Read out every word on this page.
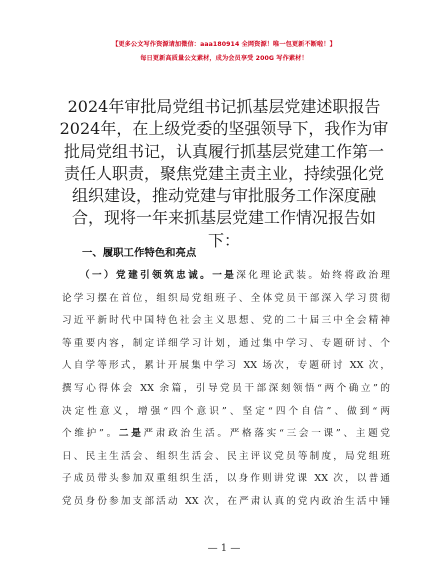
【更多公文写作资源请加微信：aaa180914 全网资源！唯一包更新不断啦！】
每日更新高质量公文素材，成为会员享受 200G 写作素材！
2024年审批局党组书记抓基层党建述职报告
2024年，在上级党委的坚强领导下，我作为审
批局党组书记，认真履行抓基层党建工作第一
责任人职责，聚焦党建主责主业，持续强化党
组织建设，推动党建与审批服务工作深度融
合，现将一年来抓基层党建工作情况报告如
下：
一、履职工作特色和亮点
（一）党建引领筑忠诚。一是深化理论武装。始终将政治理
论学习摆在首位，组织局党组班子、全体党员干部深入学习贯彻
习近平新时代中国特色社会主义思想、党的二十届三中全会精神
等重要内容，制定详细学习计划，通过集中学习、专题研讨、个
人自学等形式，累计开展集中学习 XX 场次，专题研讨 XX 次，
撰写心得体会 XX 余篇，引导党员干部深刻领悟“两个确立”的
决定性意义，增强“四个意识”、坚定“四个自信”、做到“两
个维护”。二是严肃政治生活。严格落实“三会一课”、主题党
日、民主生活会、组织生活会、民主评议党员等制度，局党组班
子成员带头参加双重组织生活，以身作则讲党课 XX 次，以普通
党员身份参加支部活动 XX 次，在严肃认真的党内政治生活中锤
— 1 —
